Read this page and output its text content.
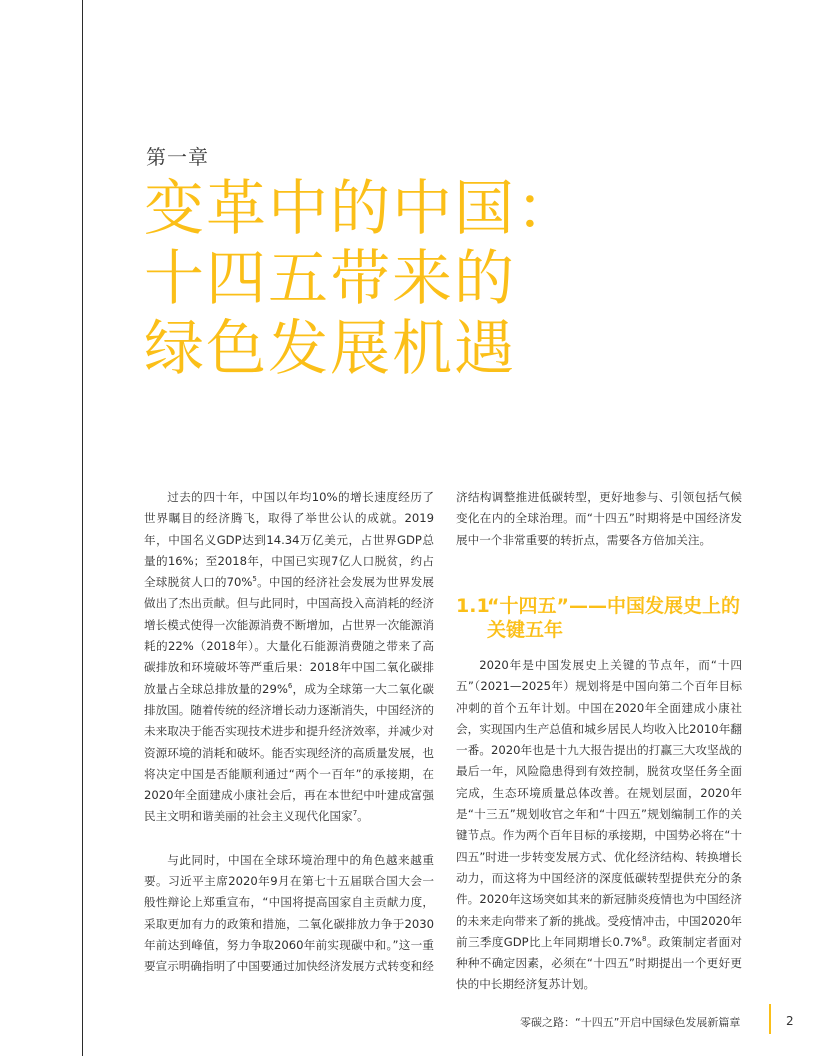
第一章
变革中的中国：
十四五带来的
绿色发展机遇

过去的四十年，中国以年均10%的增长速度经历了世界瞩目的经济腾飞，取得了举世公认的成就。2019年，中国名义GDP达到14.34万亿美元，占世界GDP总量的16%；至2018年，中国已实现7亿人口脱贫，约占全球脱贫人口的70%$^5$。中国的经济社会发展为世界发展做出了杰出贡献。但与此同时，中国高投入高消耗的经济增长模式使得一次能源消费不断增加，占世界一次能源消耗的22%（2018年）。大量化石能源消费随之带来了高碳排放和环境破坏等严重后果：2018年中国二氧化碳排放量占全球总排放量的29%$^6$，成为全球第一大二氧化碳排放国。随着传统的经济增长动力逐渐消失，中国经济的未来取决于能否实现技术进步和提升经济效率，并减少对资源环境的消耗和破坏。能否实现经济的高质量发展，也将决定中国是否能顺利通过“两个一百年”的承接期，在2020年全面建成小康社会后，再在本世纪中叶建成富强民主文明和谐美丽的社会主义现代化国家$^7$。

与此同时，中国在全球环境治理中的角色越来越重要。习近平主席2020年9月在第七十五届联合国大会一般性辩论上郑重宣布，“中国将提高国家自主贡献力度，采取更加有力的政策和措施，二氧化碳排放力争于2030年前达到峰值，努力争取2060年前实现碳中和。”这一重要宣示明确指明了中国要通过加快经济发展方式转变和经

济结构调整推进低碳转型，更好地参与、引领包括气候变化在内的全球治理。而“十四五”时期将是中国经济发展中一个非常重要的转折点，需要各方倍加关注。

1.1
“十四五”——中国发展史上的关键五年

2020年是中国发展史上关键的节点年，而“十四五”（2021—2025年）规划将是中国向第二个百年目标冲刺的首个五年计划。中国在2020年全面建成小康社会，实现国内生产总值和城乡居民人均收入比2010年翻一番。2020年也是十九大报告提出的打赢三大攻坚战的最后一年，风险隐患得到有效控制，脱贫攻坚任务全面完成，生态环境质量总体改善。在规划层面，2020年是“十三五”规划收官之年和“十四五”规划编制工作的关键节点。作为两个百年目标的承接期，中国势必将在“十四五”时进一步转变发展方式、优化经济结构、转换增长动力，而这将为中国经济的深度低碳转型提供充分的条件。2020年这场突如其来的新冠肺炎疫情也为中国经济的未来走向带来了新的挑战。受疫情冲击，中国2020年前三季度GDP比上年同期增长0.7%$^8$。政策制定者面对种种不确定因素，必须在“十四五”时期提出一个更好更快的中长期经济复苏计划。

零碳之路：“十四五”开启中国绿色发展新篇章	2
